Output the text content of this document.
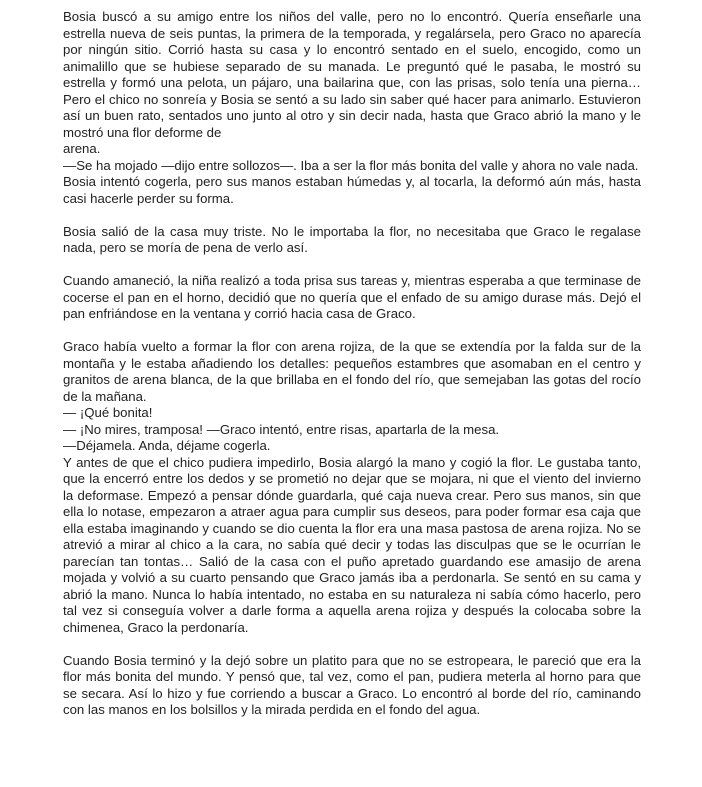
Bosia buscó a su amigo entre los niños del valle, pero no lo encontró. Quería enseñarle una estrella nueva de seis puntas, la primera de la temporada, y regalársela, pero Graco no aparecía por ningún sitio. Corrió hasta su casa y lo encontró sentado en el suelo, encogido, como un animalillo que se hubiese separado de su manada. Le preguntó qué le pasaba, le mostró su estrella y formó una pelota, un pájaro, una bailarina que, con las prisas, solo tenía una pierna… Pero el chico no sonreía y Bosia se sentó a su lado sin saber qué hacer para animarlo. Estuvieron así un buen rato, sentados uno junto al otro y sin decir nada, hasta que Graco abrió la mano y le mostró una flor deforme de
arena.
—Se ha mojado —dijo entre sollozos—. Iba a ser la flor más bonita del valle y ahora no vale nada.
Bosia intentó cogerla, pero sus manos estaban húmedas y, al tocarla, la deformó aún más, hasta casi hacerle perder su forma.

Bosia salió de la casa muy triste. No le importaba la flor, no necesitaba que Graco le regalase nada, pero se moría de pena de verlo así.

Cuando amaneció, la niña realizó a toda prisa sus tareas y, mientras esperaba a que terminase de cocerse el pan en el horno, decidió que no quería que el enfado de su amigo durase más. Dejó el pan enfriándose en la ventana y corrió hacia casa de Graco.

Graco había vuelto a formar la flor con arena rojiza, de la que se extendía por la falda sur de la montaña y le estaba añadiendo los detalles: pequeños estambres que asomaban en el centro y granitos de arena blanca, de la que brillaba en el fondo del río, que semejaban las gotas del rocío de la mañana.
— ¡Qué bonita!
— ¡No mires, tramposa! —Graco intentó, entre risas, apartarla de la mesa.
—Déjamela. Anda, déjame cogerla.
Y antes de que el chico pudiera impedirlo, Bosia alargó la mano y cogió la flor. Le gustaba tanto, que la encerró entre los dedos y se prometió no dejar que se mojara, ni que el viento del invierno la deformase. Empezó a pensar dónde guardarla, qué caja nueva crear. Pero sus manos, sin que ella lo notase, empezaron a atraer agua para cumplir sus deseos, para poder formar esa caja que ella estaba imaginando y cuando se dio cuenta la flor era una masa pastosa de arena rojiza. No se atrevió a mirar al chico a la cara, no sabía qué decir y todas las disculpas que se le ocurrían le parecían tan tontas… Salió de la casa con el puño apretado guardando ese amasijo de arena mojada y volvió a su cuarto pensando que Graco jamás iba a perdonarla. Se sentó en su cama y abrió la mano. Nunca lo había intentado, no estaba en su naturaleza ni sabía cómo hacerlo, pero tal vez si conseguía volver a darle forma a aquella arena rojiza y después la colocaba sobre la chimenea, Graco la perdonaría.

Cuando Bosia terminó y la dejó sobre un platito para que no se estropeara, le pareció que era la flor más bonita del mundo. Y pensó que, tal vez, como el pan, pudiera meterla al horno para que se secara. Así lo hizo y fue corriendo a buscar a Graco. Lo encontró al borde del río, caminando con las manos en los bolsillos y la mirada perdida en el fondo del agua.
